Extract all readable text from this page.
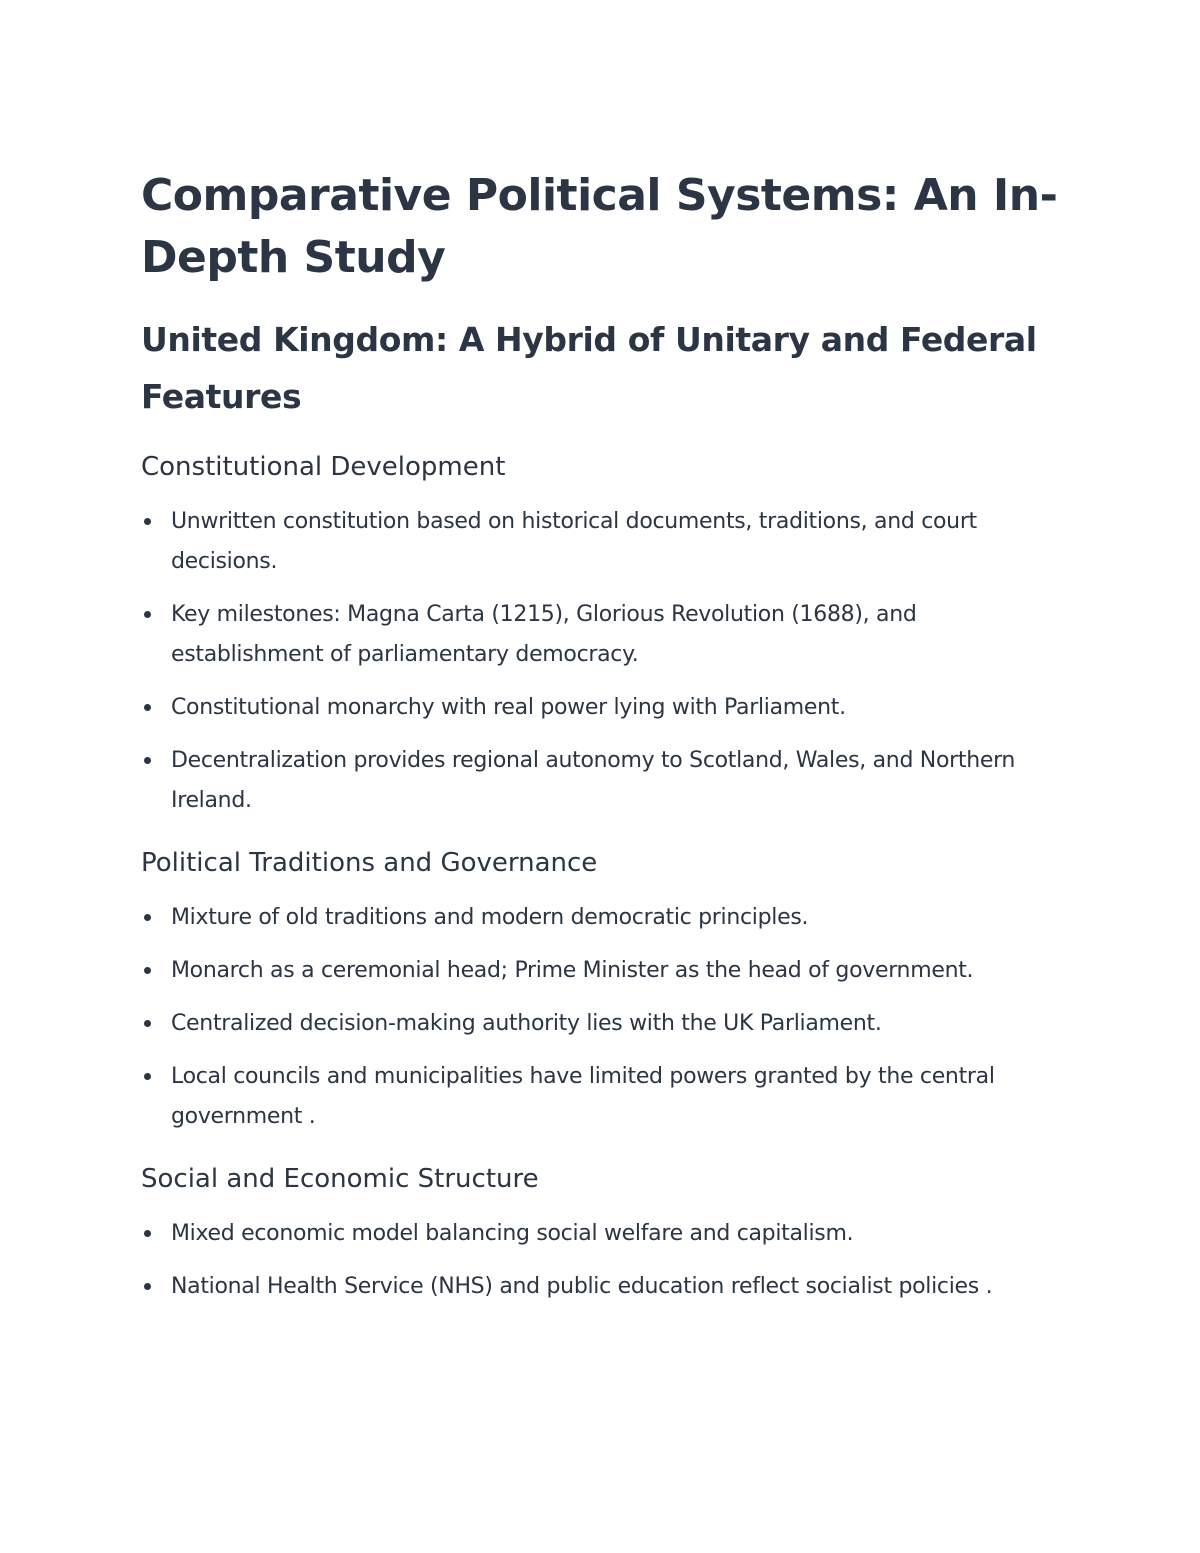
Comparative Political Systems: An In-Depth Study
United Kingdom: A Hybrid of Unitary and Federal Features
Constitutional Development
Unwritten constitution based on historical documents, traditions, and court decisions.
Key milestones: Magna Carta (1215), Glorious Revolution (1688), and establishment of parliamentary democracy.
Constitutional monarchy with real power lying with Parliament.
Decentralization provides regional autonomy to Scotland, Wales, and Northern Ireland.
Political Traditions and Governance
Mixture of old traditions and modern democratic principles.
Monarch as a ceremonial head; Prime Minister as the head of government.
Centralized decision-making authority lies with the UK Parliament.
Local councils and municipalities have limited powers granted by the central government .
Social and Economic Structure
Mixed economic model balancing social welfare and capitalism.
National Health Service (NHS) and public education reflect socialist policies .
